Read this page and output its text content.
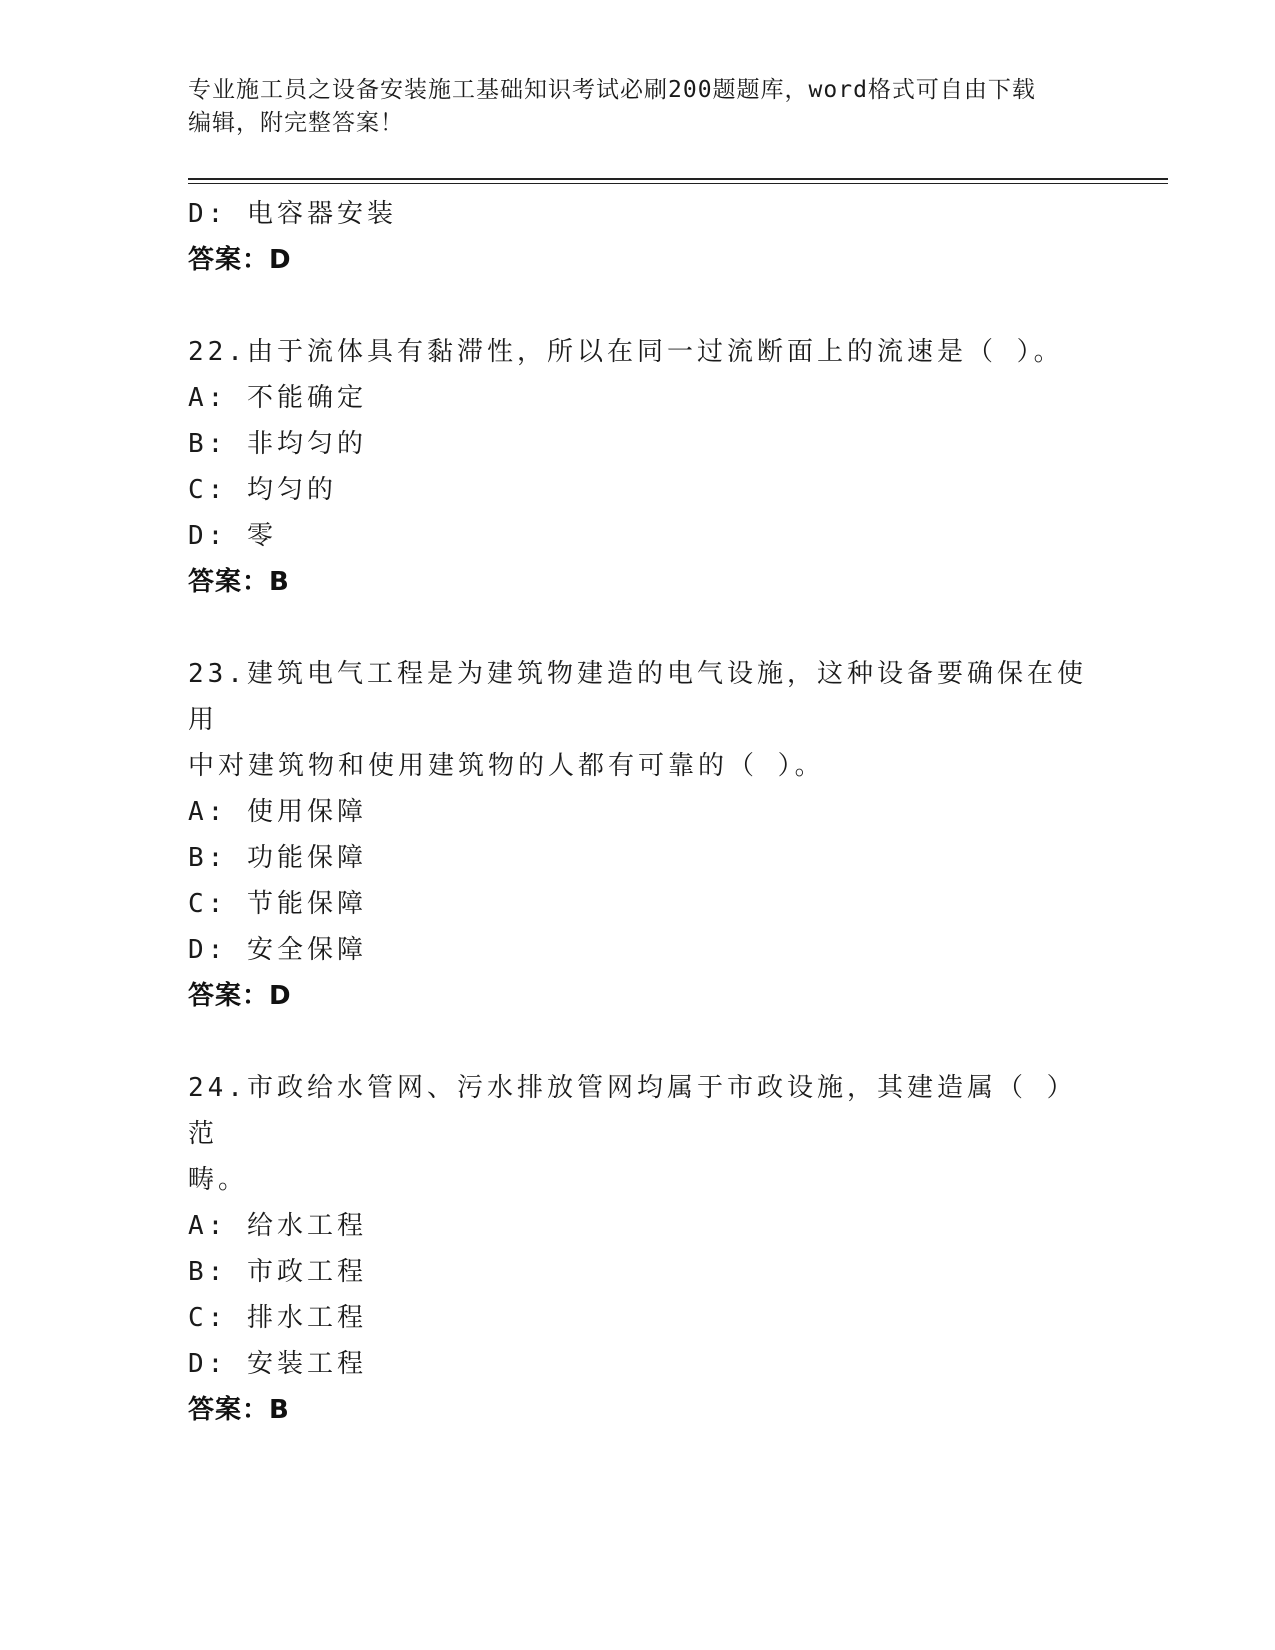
专业施工员之设备安装施工基础知识考试必刷200题题库，word格式可自由下载
编辑，附完整答案！
D: 电容器安装
答案：D
22.由于流体具有黏滞性，所以在同一过流断面上的流速是（ ）。
A: 不能确定
B: 非均匀的
C: 均匀的
D: 零
答案：B
23.建筑电气工程是为建筑物建造的电气设施，这种设备要确保在使用
中对建筑物和使用建筑物的人都有可靠的（ ）。
A: 使用保障
B: 功能保障
C: 节能保障
D: 安全保障
答案：D
24.市政给水管网、污水排放管网均属于市政设施，其建造属（ ）范
畴。
A: 给水工程
B: 市政工程
C: 排水工程
D: 安装工程
答案：B
